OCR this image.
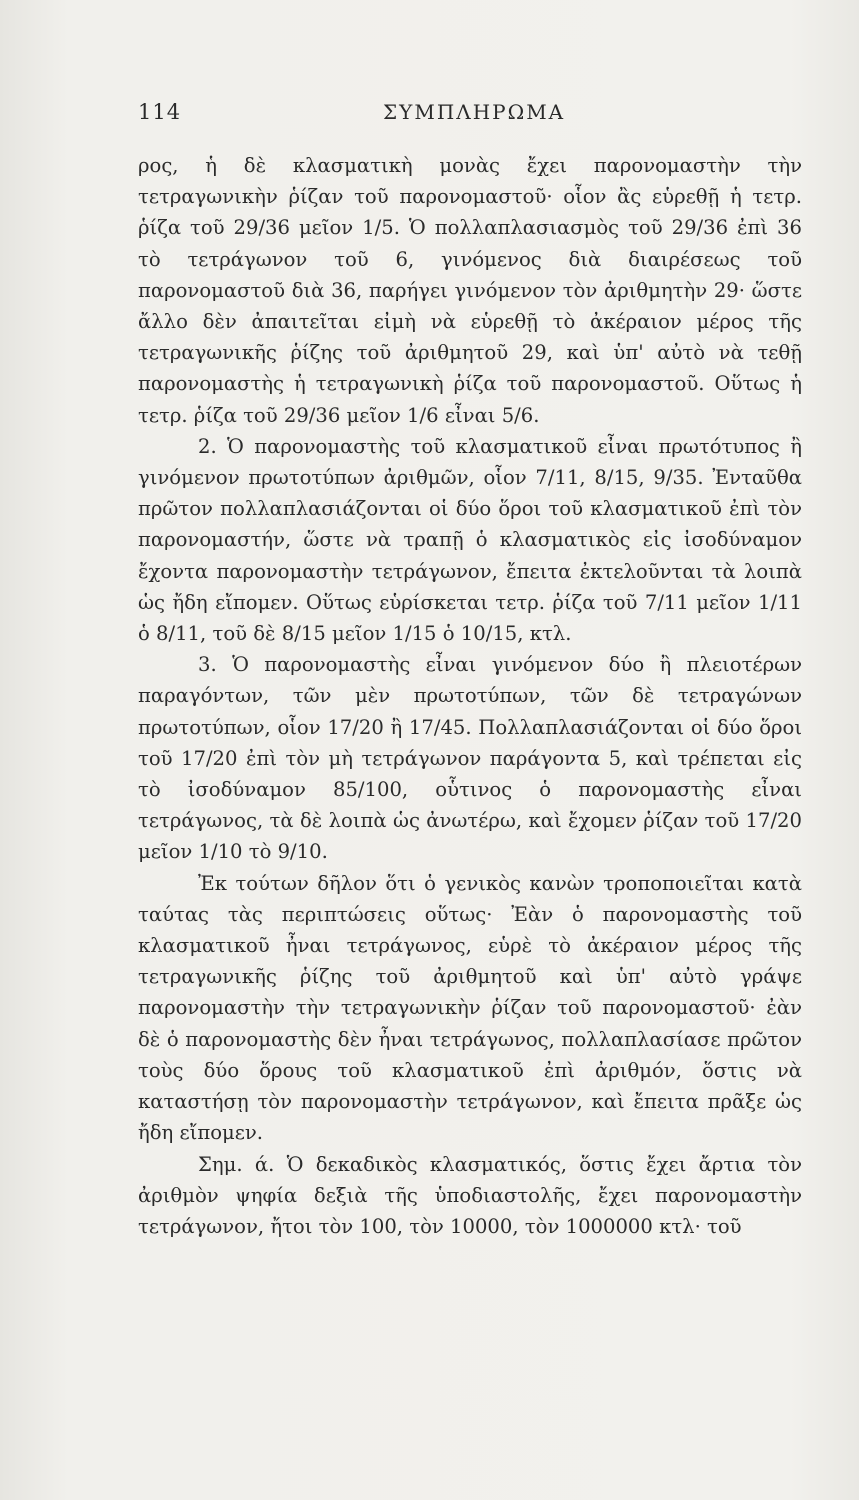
114	ΣΥΜΠΛΗΡΩΜΑ

ρος, ἡ δὲ κλασματικὴ μονὰς ἔχει παρονομαστὴν τὴν τετραγωνικὴν ῥίζαν τοῦ παρονομαστοῦ· οἷον ἂς εὑρεθῇ ἡ τετρ. ῥίζα τοῦ 29/36 μεῖον 1/5. Ὁ πολλαπλασιασμὸς τοῦ 29/36 ἐπὶ 36 τὸ τετράγωνον τοῦ 6, γινόμενος διὰ διαιρέσεως τοῦ παρονομαστοῦ διὰ 36, παρήγει γινόμενον τὸν ἀριθμητὴν 29· ὥστε ἄλλο δὲν ἀπαιτεῖται εἰμὴ νὰ εὑρεθῇ τὸ ἀκέραιον μέρος τῆς τετραγωνικῆς ῥίζης τοῦ ἀριθμητοῦ 29, καὶ ὑπ' αὐτὸ νὰ τεθῇ παρονομαστὴς ἡ τετραγωνικὴ ῥίζα τοῦ παρονομαστοῦ. Οὕτως ἡ τετρ. ῥίζα τοῦ 29/36 μεῖον 1/6 εἶναι 5/6.

2. Ὁ παρονομαστὴς τοῦ κλασματικοῦ εἶναι πρωτότυπος ἢ γινόμενον πρωτοτύπων ἀριθμῶν, οἷον 7/11, 8/15, 9/35. Ἐνταῦθα πρῶτον πολλαπλασιάζονται οἱ δύο ὅροι τοῦ κλασματικοῦ ἐπὶ τὸν παρονομαστήν, ὥστε νὰ τραπῇ ὁ κλασματικὸς εἰς ἰσοδύναμον ἔχοντα παρονομαστὴν τετράγωνον, ἔπειτα ἐκτελοῦνται τὰ λοιπὰ ὡς ἤδη εἴπομεν. Οὕτως εὑρίσκεται τετρ. ῥίζα τοῦ 7/11 μεῖον 1/11 ὁ 8/11, τοῦ δὲ 8/15 μεῖον 1/15 ὁ 10/15, κτλ.

3. Ὁ παρονομαστὴς εἶναι γινόμενον δύο ἢ πλειοτέρων παραγόντων, τῶν μὲν πρωτοτύπων, τῶν δὲ τετραγώνων πρωτοτύπων, οἷον 17/20 ἢ 17/45. Πολλαπλασιάζονται οἱ δύο ὅροι τοῦ 17/20 ἐπὶ τὸν μὴ τετράγωνον παράγοντα 5, καὶ τρέπεται εἰς τὸ ἰσοδύναμον 85/100, οὗτινος ὁ παρονομαστὴς εἶναι τετράγωνος, τὰ δὲ λοιπὰ ὡς ἀνωτέρω, καὶ ἔχομεν ῥίζαν τοῦ 17/20 μεῖον 1/10 τὸ 9/10.

Ἐκ τούτων δῆλον ὅτι ὁ γενικὸς κανὼν τροποποιεῖται κατὰ ταύτας τὰς περιπτώσεις οὕτως· Ἐὰν ὁ παρονομαστὴς τοῦ κλασματικοῦ ἦναι τετράγωνος, εὑρὲ τὸ ἀκέραιον μέρος τῆς τετραγωνικῆς ῥίζης τοῦ ἀριθμητοῦ καὶ ὑπ' αὐτὸ γράψε παρονομαστὴν τὴν τετραγωνικὴν ῥίζαν τοῦ παρονομαστοῦ· ἐὰν δὲ ὁ παρονομαστὴς δὲν ἦναι τετράγωνος, πολλαπλασίασε πρῶτον τοὺς δύο ὅρους τοῦ κλασματικοῦ ἐπὶ ἀριθμόν, ὅστις νὰ καταστήσῃ τὸν παρονομαστὴν τετράγωνον, καὶ ἔπειτα πρᾶξε ὡς ἤδη εἴπομεν.

Σημ. ά. Ὁ δεκαδικὸς κλασματικός, ὅστις ἔχει ἄρτια τὸν ἀριθμὸν ψηφία δεξιὰ τῆς ὑποδιαστολῆς, ἔχει παρονομαστὴν τετράγωνον, ἤτοι τὸν 100, τὸν 10000, τὸν 1000000 κτλ· τοῦ
